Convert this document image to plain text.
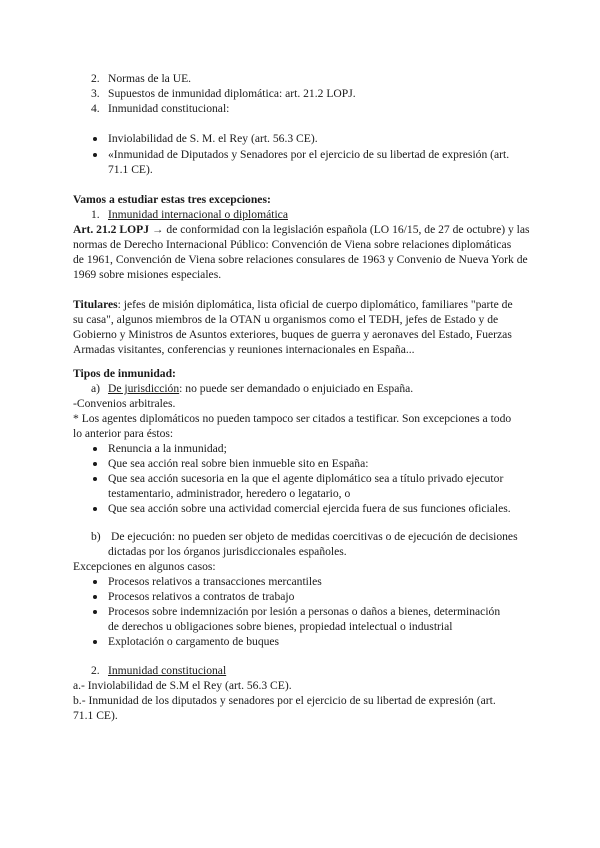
2. Normas de la UE.
3. Supuestos de inmunidad diplomática: art. 21.2 LOPJ.
4. Inmunidad constitucional:
Inviolabilidad de S. M. el Rey (art. 56.3 CE).
«Inmunidad de Diputados y Senadores por el ejercicio de su libertad de expresión (art.
71.1 CE).
Vamos a estudiar estas tres excepciones:
1. Inmunidad internacional o diplomática
Art. 21.2 LOPJ → de conformidad con la legislación española (LO 16/15, de 27 de octubre) y las
normas de Derecho Internacional Público: Convención de Viena sobre relaciones diplomáticas
de 1961, Convención de Viena sobre relaciones consulares de 1963 y Convenio de Nueva York de
1969 sobre misiones especiales.
Titulares: jefes de misión diplomática, lista oficial de cuerpo diplomático, familiares "parte de
su casa", algunos miembros de la OTAN u organismos como el TEDH, jefes de Estado y de
Gobierno y Ministros de Asuntos exteriores, buques de guerra y aeronaves del Estado, Fuerzas
Armadas visitantes, conferencias y reuniones internacionales en España...
Tipos de inmunidad:
a) De jurisdicción: no puede ser demandado o enjuiciado en España.
-Convenios arbitrales.
* Los agentes diplomáticos no pueden tampoco ser citados a testificar. Son excepciones a todo
lo anterior para éstos:
Renuncia a la inmunidad;
Que sea acción real sobre bien inmueble sito en España:
Que sea acción sucesoria en la que el agente diplomático sea a título privado ejecutor
testamentario, administrador, heredero o legatario, o
Que sea acción sobre una actividad comercial ejercida fuera de sus funciones oficiales.
b) De ejecución: no pueden ser objeto de medidas coercitivas o de ejecución de decisiones
dictadas por los órganos jurisdiccionales españoles.
Excepciones en algunos casos:
Procesos relativos a transacciones mercantiles
Procesos relativos a contratos de trabajo
Procesos sobre indemnización por lesión a personas o daños a bienes, determinación
de derechos u obligaciones sobre bienes, propiedad intelectual o industrial
Explotación o cargamento de buques
2. Inmunidad constitucional
a.- Inviolabilidad de S.M el Rey (art. 56.3 CE).
b.- Inmunidad de los diputados y senadores por el ejercicio de su libertad de expresión (art.
71.1 CE).
